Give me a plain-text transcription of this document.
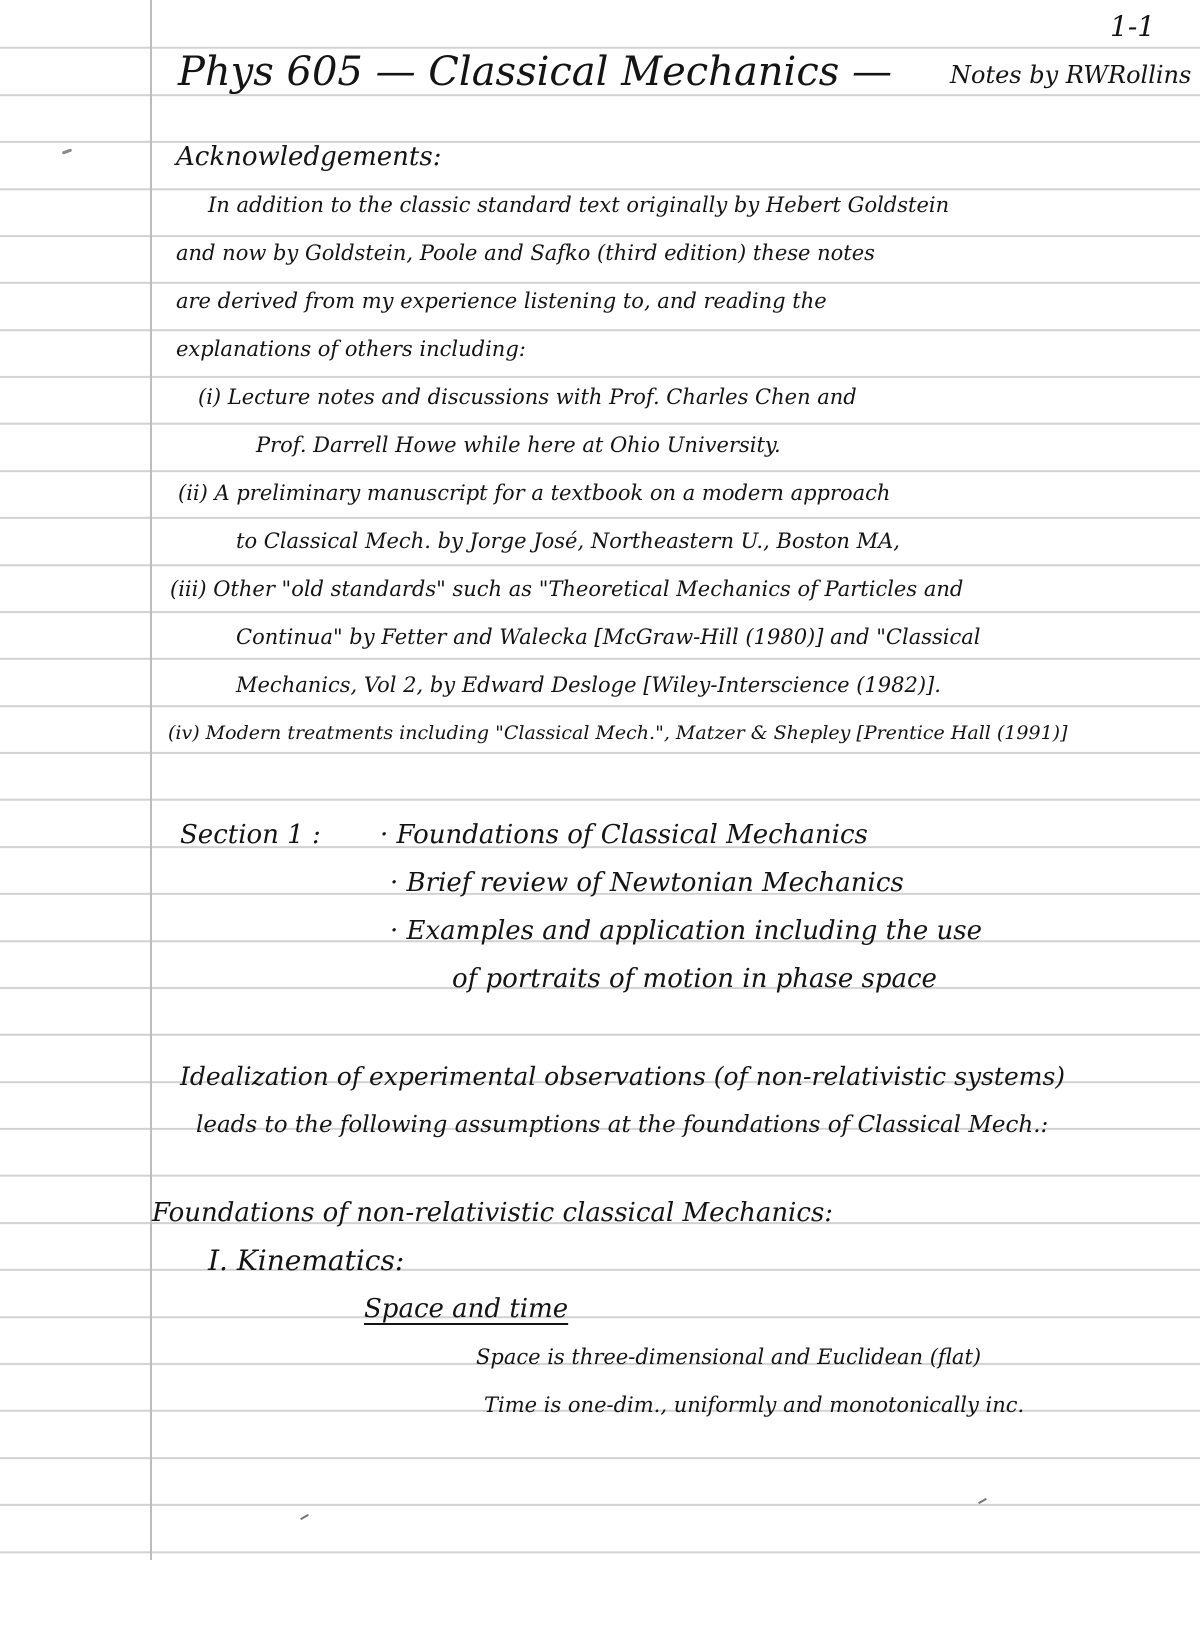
1-1
Phys 605 — Classical Mechanics — Notes by RWRollins
Acknowledgements:
In addition to the classic standard text originally by Hebert Goldstein
and now by Goldstein, Poole and Safko (third edition) these notes
are derived from my experience listening to, and reading the
explanations of others including:
(i) Lecture notes and discussions with Prof. Charles Chen and
Prof. Darrell Howe while here at Ohio University.
(ii) A preliminary manuscript for a textbook on a modern approach
to Classical Mech. by Jorge José, Northeastern U., Boston MA,
(iii) Other "old standards" such as "Theoretical Mechanics of Particles and
Continua" by Fetter and Walecka [McGraw-Hill (1980)] and "Classical
Mechanics, Vol 2, by Edward Desloge [Wiley-Interscience (1982)].
(iv) Modern treatments including "Classical Mech.", Matzer & Shepley [Prentice Hall (1991)]
Section 1 : · Foundations of Classical Mechanics
· Brief review of Newtonian Mechanics
· Examples and application including the use
of portraits of motion in phase space
Idealization of experimental observations (of non-relativistic systems)
leads to the following assumptions at the foundations of Classical Mech.:
Foundations of non-relativistic classical Mechanics:
I. Kinematics:
Space and time
Space is three-dimensional and Euclidean (flat)
Time is one-dim., uniformly and monotonically inc.
